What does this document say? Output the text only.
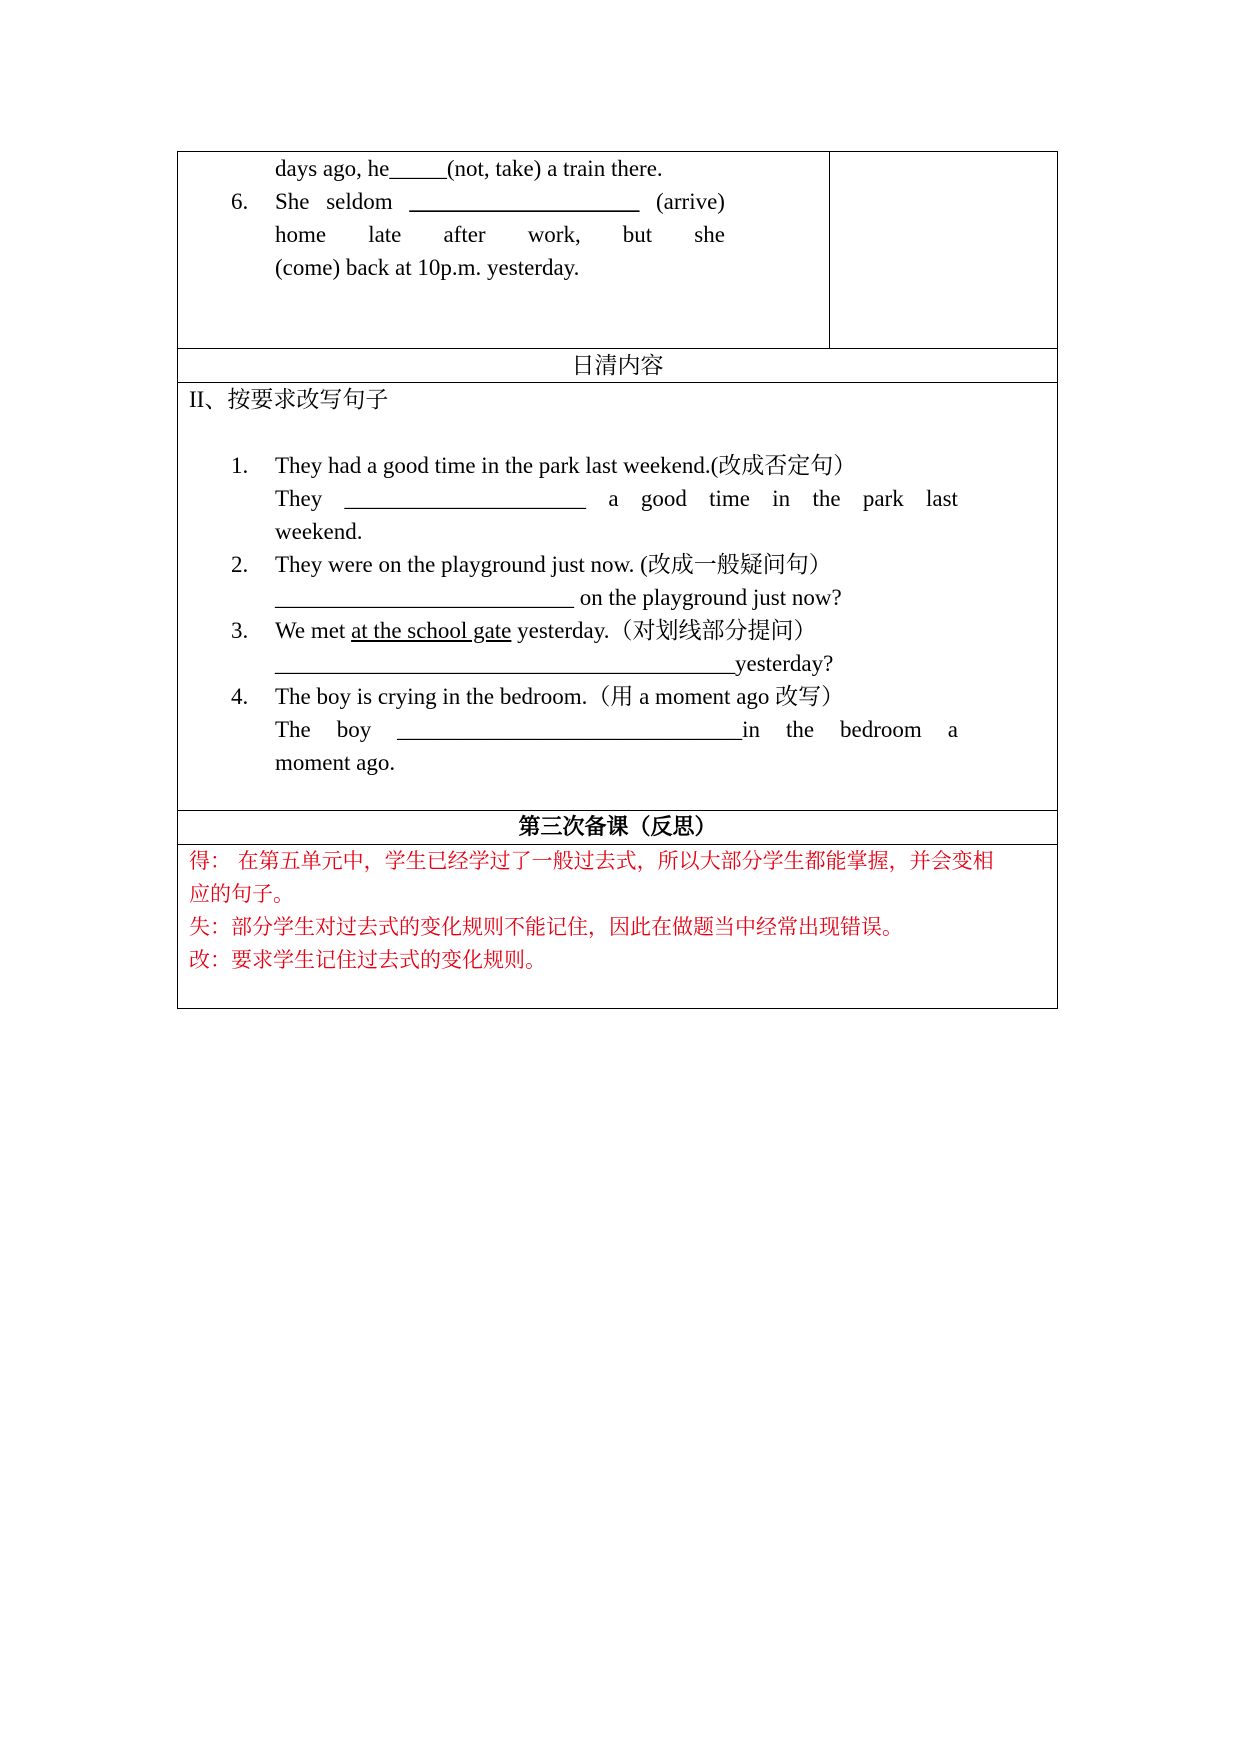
days ago, he_____(not, take) a train there.
6. She seldom ____________________ (arrive)
home late after work, but she
(come) back at 10p.m. yesterday.

日清内容

II、按要求改写句子
1. They had a good time in the park last weekend.(改成否定句）
They _____________________ a good time in the park last
weekend.
2. They were on the playground just now. (改成一般疑问句）
__________________________ on the playground just now?
3. We met at the school gate yesterday.（对划线部分提问）
________________________________________yesterday?
4. The boy is crying in the bedroom.（用 a moment ago 改写）
The boy ______________________________in the bedroom a
moment ago.

第三次备课（反思）

得： 在第五单元中，学生已经学过了一般过去式，所以大部分学生都能掌握，并会变相
应的句子。
失：部分学生对过去式的变化规则不能记住，因此在做题当中经常出现错误。
改：要求学生记住过去式的变化规则。
